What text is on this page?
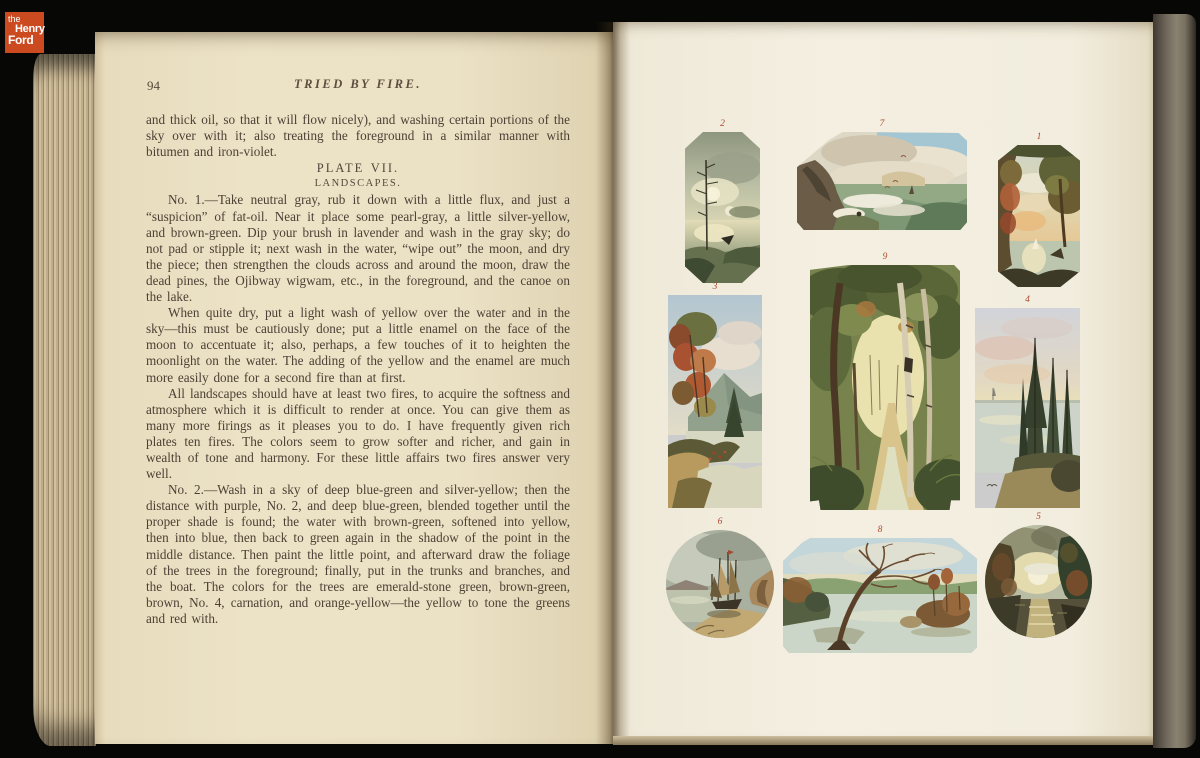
94	TRIED BY FIRE.

and thick oil, so that it will flow nicely), and washing certain portions of the sky over with it; also treating the foreground in a similar manner with bitumen and iron-violet.

PLATE VII.

LANDSCAPES.

No. 1.—Take neutral gray, rub it down with a little flux, and just a “suspicion” of fat-oil. Near it place some pearl-gray, a little silver-yellow, and brown-green. Dip your brush in lavender and wash in the gray sky; do not pad or stipple it; next wash in the water, “wipe out” the moon, and dry the piece; then strengthen the clouds across and around the moon, draw the dead pines, the Ojibway wigwam, etc., in the foreground, and the canoe on the lake.

When quite dry, put a light wash of yellow over the water and in the sky—this must be cautiously done; put a little enamel on the face of the moon to accentuate it; also, perhaps, a few touches of it to heighten the moonlight on the water. The adding of the yellow and the enamel are much more easily done for a second fire than at first.

All landscapes should have at least two fires, to acquire the softness and atmosphere which it is difficult to render at once. You can give them as many more firings as it pleases you to do. I have frequently given rich plates ten fires. The colors seem to grow softer and richer, and gain in wealth of tone and harmony. For these little affairs two fires answer very well.

No. 2.—Wash in a sky of deep blue-green and silver-yellow; then the distance with purple, No. 2, and deep blue-green, blended together until the proper shade is found; the water with brown-green, softened into yellow, then into blue, then back to green again in the shadow of the point in the middle distance. Then paint the little point, and afterward draw the foliage of the trees in the foreground; finally, put in the trunks and branches, and the boat. The colors for the trees are emerald-stone green, brown-green, brown, No. 4, carnation, and orange-yellow—the yellow to tone the greens and red with.

2	7
1
3
9
4
6
8
5
the
Henry
Ford
